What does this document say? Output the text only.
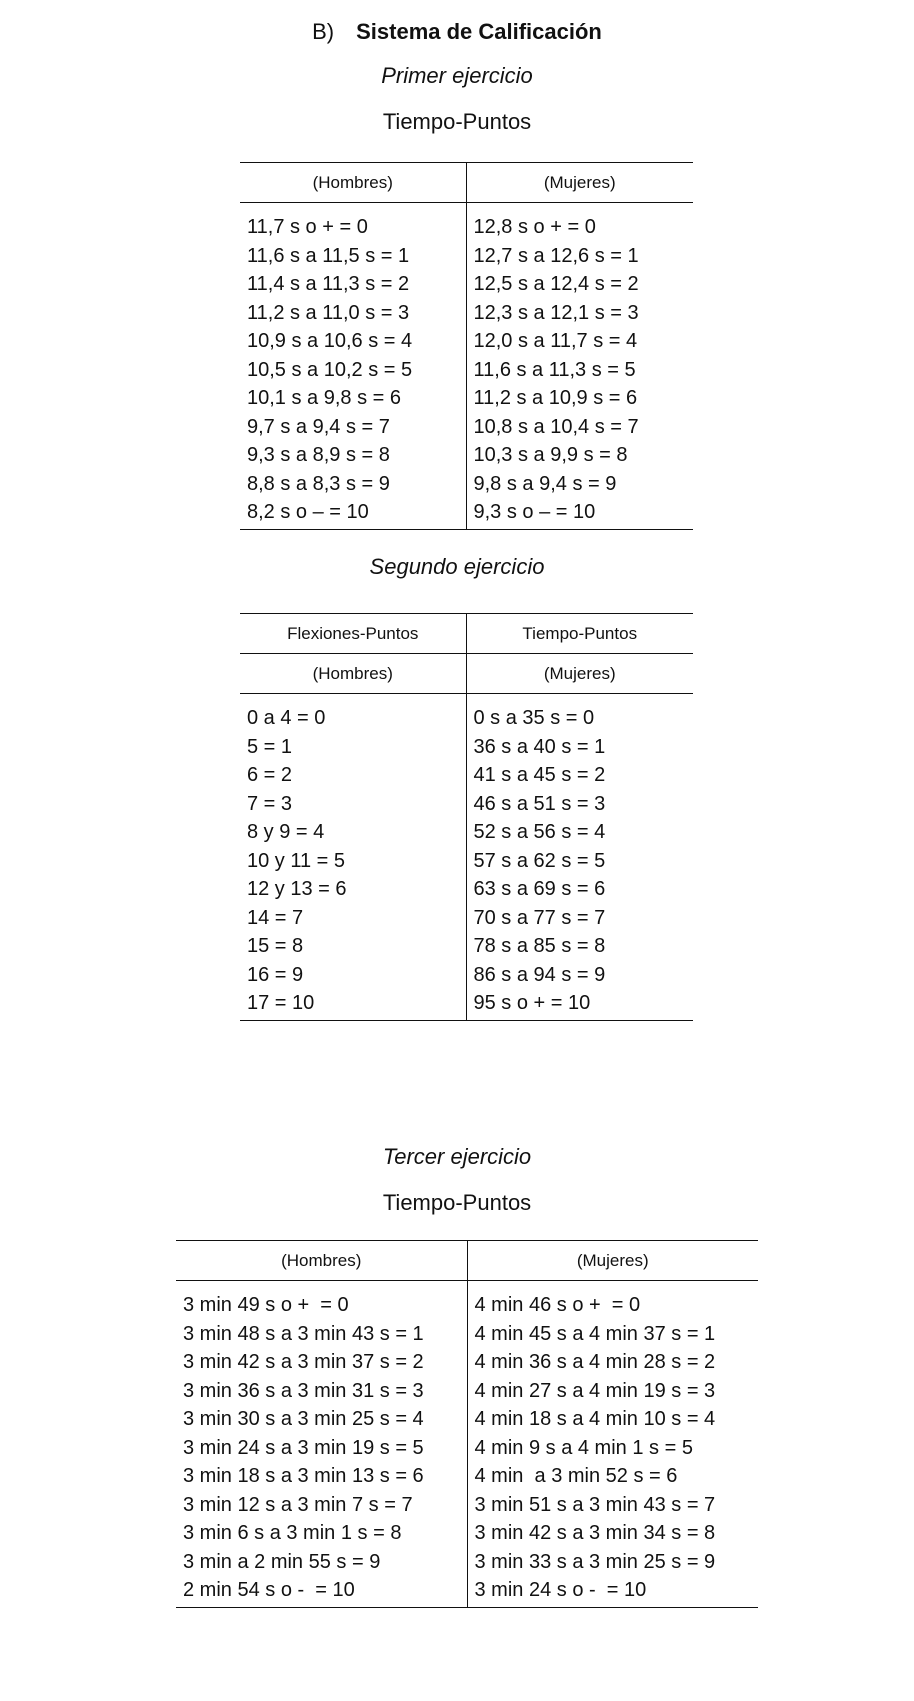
B) Sistema de Calificación
Primer ejercicio
Tiempo-Puntos
(Hombres)	(Mujeres)
11,7 s o + = 0	12,8 s o + = 0
11,6 s a 11,5 s = 1	12,7 s a 12,6 s = 1
11,4 s a 11,3 s = 2	12,5 s a 12,4 s = 2
11,2 s a 11,0 s = 3	12,3 s a 12,1 s = 3
10,9 s a 10,6 s = 4	12,0 s a 11,7 s = 4
10,5 s a 10,2 s = 5	11,6 s a 11,3 s = 5
10,1 s a 9,8 s = 6	11,2 s a 10,9 s = 6
9,7 s a 9,4 s = 7	10,8 s a 10,4 s = 7
9,3 s a 8,9 s = 8	10,3 s a 9,9 s = 8
8,8 s a 8,3 s = 9	9,8 s a 9,4 s = 9
8,2 s o – = 10	9,3 s o – = 10
Segundo ejercicio
Flexiones-Puntos	Tiempo-Puntos
(Hombres)	(Mujeres)
0 a 4 = 0	0 s a 35 s = 0
5 = 1	36 s a 40 s = 1
6 = 2	41 s a 45 s = 2
7 = 3	46 s a 51 s = 3
8 y 9 = 4	52 s a 56 s = 4
10 y 11 = 5	57 s a 62 s = 5
12 y 13 = 6	63 s a 69 s = 6
14 = 7	70 s a 77 s = 7
15 = 8	78 s a 85 s = 8
16 = 9	86 s a 94 s = 9
17 = 10	95 s o + = 10
Tercer ejercicio
Tiempo-Puntos
(Hombres)	(Mujeres)
3 min 49 s o +  = 0	4 min 46 s o +  = 0
3 min 48 s a 3 min 43 s = 1	4 min 45 s a 4 min 37 s = 1
3 min 42 s a 3 min 37 s = 2	4 min 36 s a 4 min 28 s = 2
3 min 36 s a 3 min 31 s = 3	4 min 27 s a 4 min 19 s = 3
3 min 30 s a 3 min 25 s = 4	4 min 18 s a 4 min 10 s = 4
3 min 24 s a 3 min 19 s = 5	4 min 9 s a 4 min 1 s = 5
3 min 18 s a 3 min 13 s = 6	4 min  a 3 min 52 s = 6
3 min 12 s a 3 min 7 s = 7	3 min 51 s a 3 min 43 s = 7
3 min 6 s a 3 min 1 s = 8	3 min 42 s a 3 min 34 s = 8
3 min a 2 min 55 s = 9	3 min 33 s a 3 min 25 s = 9
2 min 54 s o -  = 10	3 min 24 s o -  = 10
